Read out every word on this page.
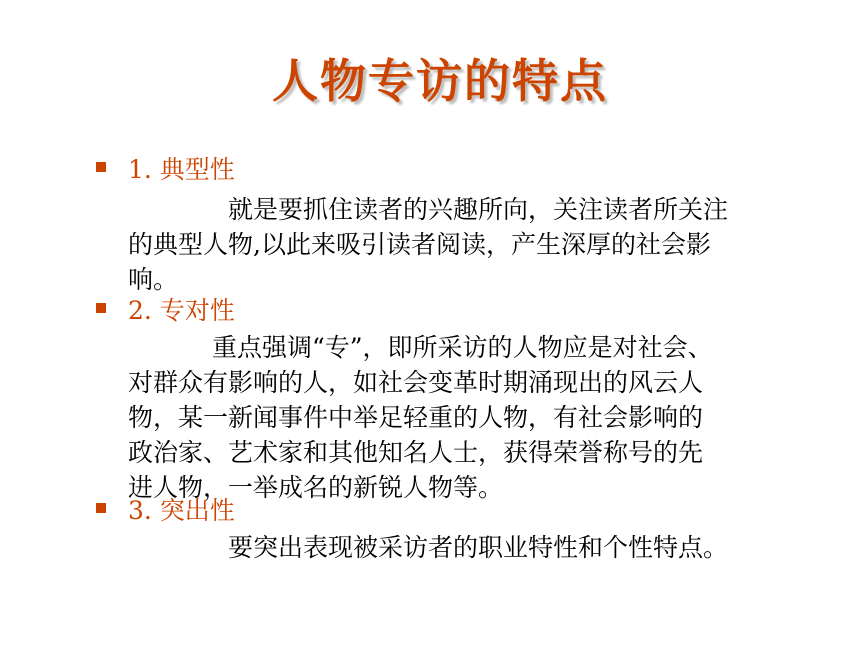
人物专访的特点
1. 典型性
就是要抓住读者的兴趣所向，关注读者所关注
的典型人物,以此来吸引读者阅读，产生深厚的社会影
响。
2. 专对性
重点强调“专”，即所采访的人物应是对社会、
对群众有影响的人，如社会变革时期涌现出的风云人
物，某一新闻事件中举足轻重的人物，有社会影响的
政治家、艺术家和其他知名人士，获得荣誉称号的先
进人物，一举成名的新锐人物等。
3. 突出性
要突出表现被采访者的职业特性和个性特点。
